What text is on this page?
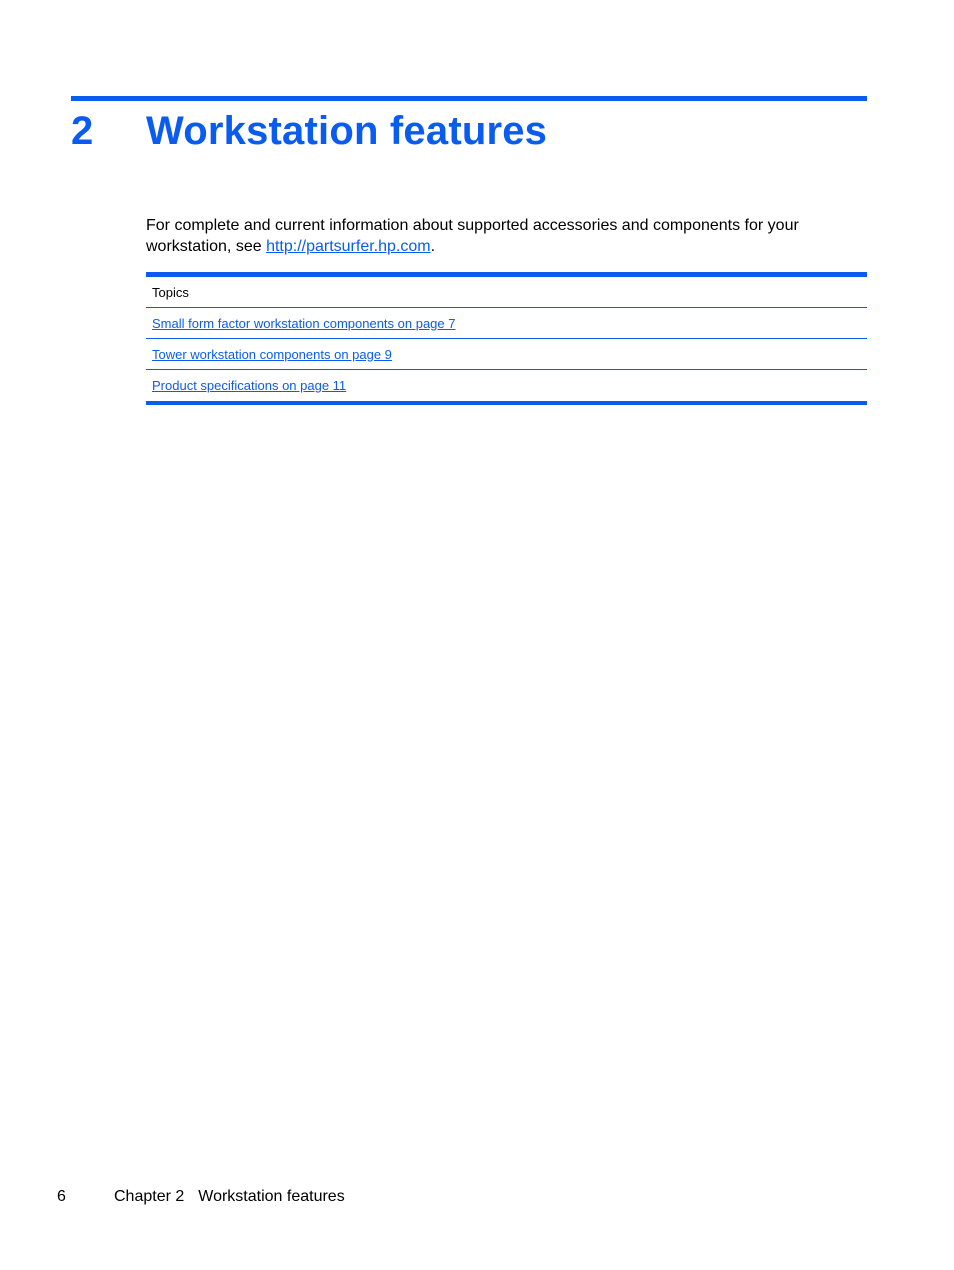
2	Workstation features

For complete and current information about supported accessories and components for your workstation, see http://partsurfer.hp.com.

Topics
Small form factor workstation components on page 7
Tower workstation components on page 9
Product specifications on page 11
6	Chapter 2 Workstation features
